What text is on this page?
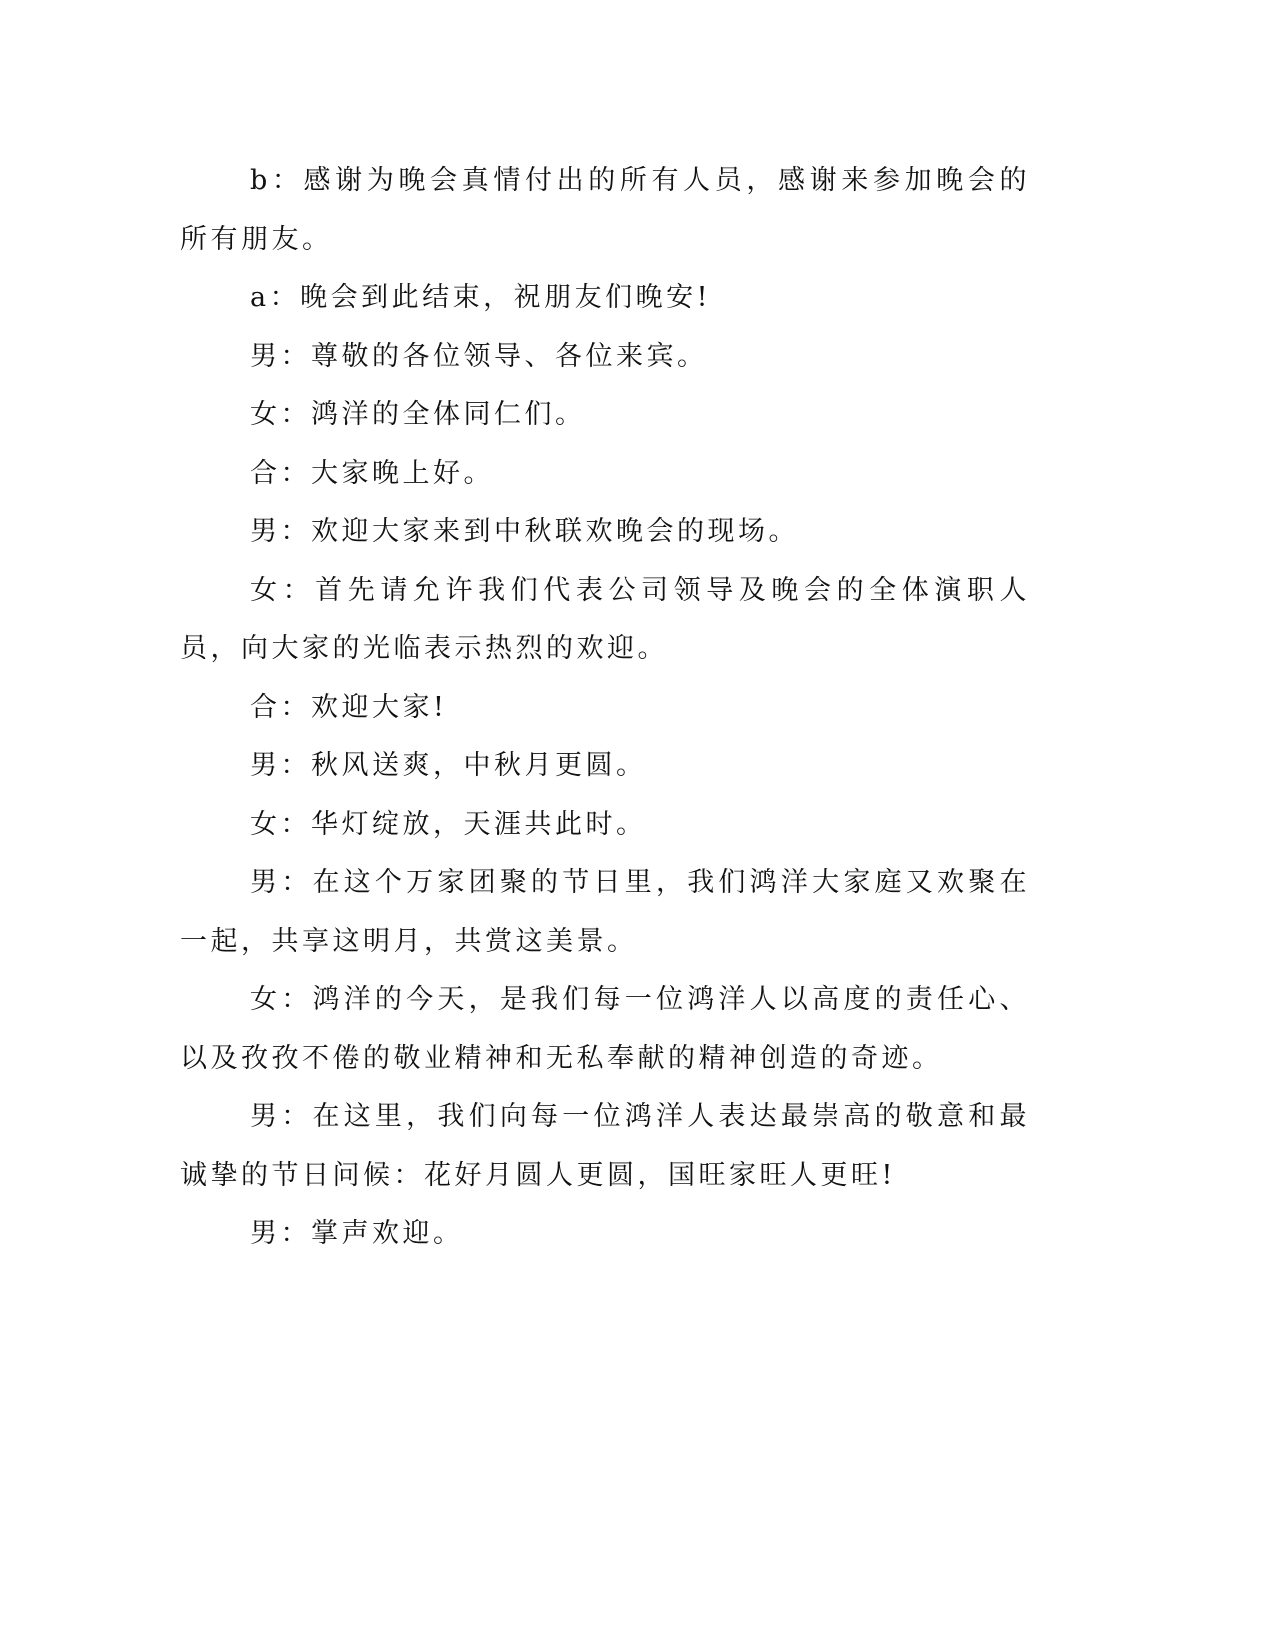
b：感谢为晚会真情付出的所有人员，感谢来参加晚会的所有朋友。

a：晚会到此结束，祝朋友们晚安!

男：尊敬的各位领导、各位来宾。

女：鸿洋的全体同仁们。

合：大家晚上好。

男：欢迎大家来到中秋联欢晚会的现场。

女：首先请允许我们代表公司领导及晚会的全体演职人员，向大家的光临表示热烈的欢迎。

合：欢迎大家!

男：秋风送爽，中秋月更圆。

女：华灯绽放，天涯共此时。

男：在这个万家团聚的节日里，我们鸿洋大家庭又欢聚在一起，共享这明月，共赏这美景。

女：鸿洋的今天，是我们每一位鸿洋人以高度的责任心、以及孜孜不倦的敬业精神和无私奉献的精神创造的奇迹。

男：在这里，我们向每一位鸿洋人表达最崇高的敬意和最诚挚的节日问候：花好月圆人更圆，国旺家旺人更旺!

男：掌声欢迎。
